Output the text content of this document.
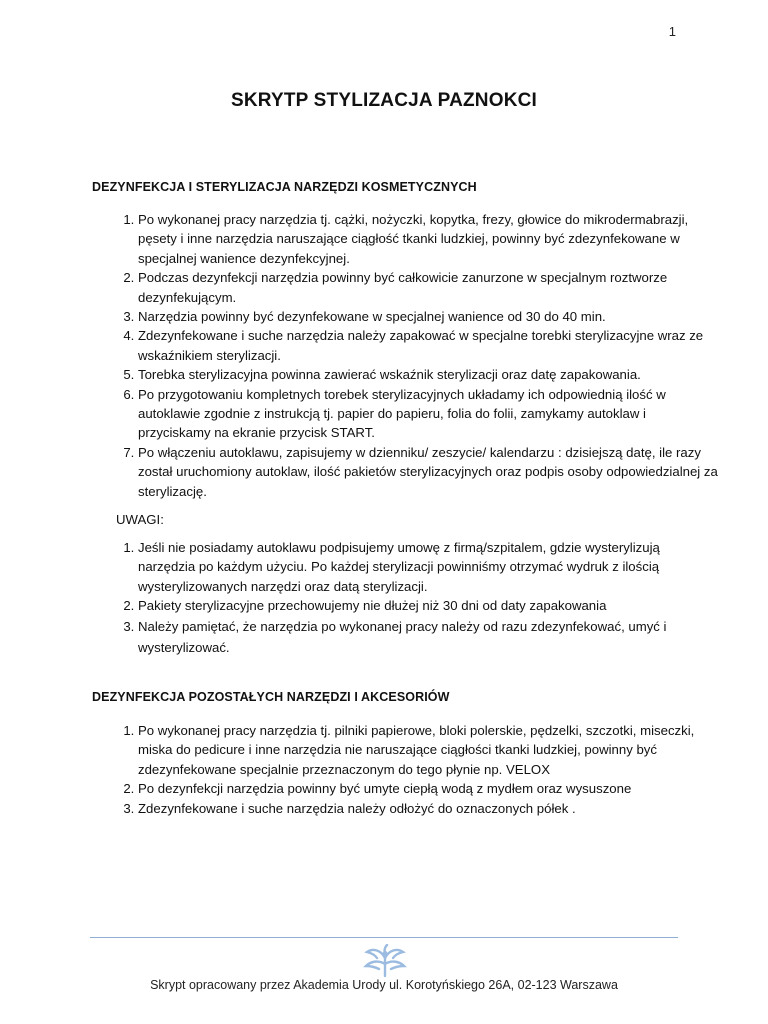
1
SKRYTP STYLIZACJA PAZNOKCI
DEZYNFEKCJA I STERYLIZACJA NARZĘDZI KOSMETYCZNYCH
1. Po wykonanej pracy narzędzia tj. cążki, nożyczki, kopytka, frezy, głowice do mikrodermabrazji, pęsety i inne narzędzia naruszające ciągłość tkanki ludzkiej, powinny być zdezynfekowane w specjalnej wanience dezynfekcyjnej.
2. Podczas dezynfekcji narzędzia powinny być całkowicie zanurzone w specjalnym roztworze dezynfekującym.
3. Narzędzia powinny być dezynfekowane w specjalnej wanience od 30 do 40 min.
4. Zdezynfekowane i suche narzędzia należy zapakować w specjalne torebki sterylizacyjne wraz ze wskaźnikiem sterylizacji.
5. Torebka sterylizacyjna powinna zawierać wskaźnik sterylizacji oraz datę zapakowania.
6. Po przygotowaniu kompletnych torebek sterylizacyjnych układamy ich odpowiednią ilość w autoklawie zgodnie z instrukcją tj. papier do papieru, folia do folii, zamykamy autoklaw i przyciskamy na ekranie przycisk START.
7. Po włączeniu autoklawu, zapisujemy w dzienniku/ zeszycie/ kalendarzu : dzisiejszą datę, ile razy został uruchomiony autoklaw, ilość pakietów sterylizacyjnych oraz podpis osoby odpowiedzialnej za sterylizację.
UWAGI:
1. Jeśli nie posiadamy autoklawu podpisujemy umowę z firmą/szpitalem, gdzie wysterylizują narzędzia po każdym użyciu. Po każdej sterylizacji powinniśmy otrzymać wydruk z ilością wysterylizowanych narzędzi oraz datą sterylizacji.
2. Pakiety sterylizacyjne przechowujemy nie dłużej niż 30 dni od daty zapakowania
3. Należy pamiętać, że narzędzia po wykonanej pracy należy od razu zdezynfekować, umyć i wysterylizować.
DEZYNFEKCJA POZOSTAŁYCH NARZĘDZI I AKCESORIÓW
1. Po wykonanej pracy narzędzia tj. pilniki papierowe, bloki polerskie, pędzelki, szczotki, miseczki, miska do pedicure i inne narzędzia nie naruszające ciągłości tkanki ludzkiej, powinny być zdezynfekowane specjalnie przeznaczonym do tego płynie np. VELOX
2. Po dezynfekcji narzędzia powinny być umyte ciepłą wodą z mydłem oraz wysuszone
3. Zdezynfekowane i suche narzędzia należy odłożyć do oznaczonych półek .
Skrypt opracowany przez Akademia Urody ul. Korotyńskiego 26A, 02-123 Warszawa
